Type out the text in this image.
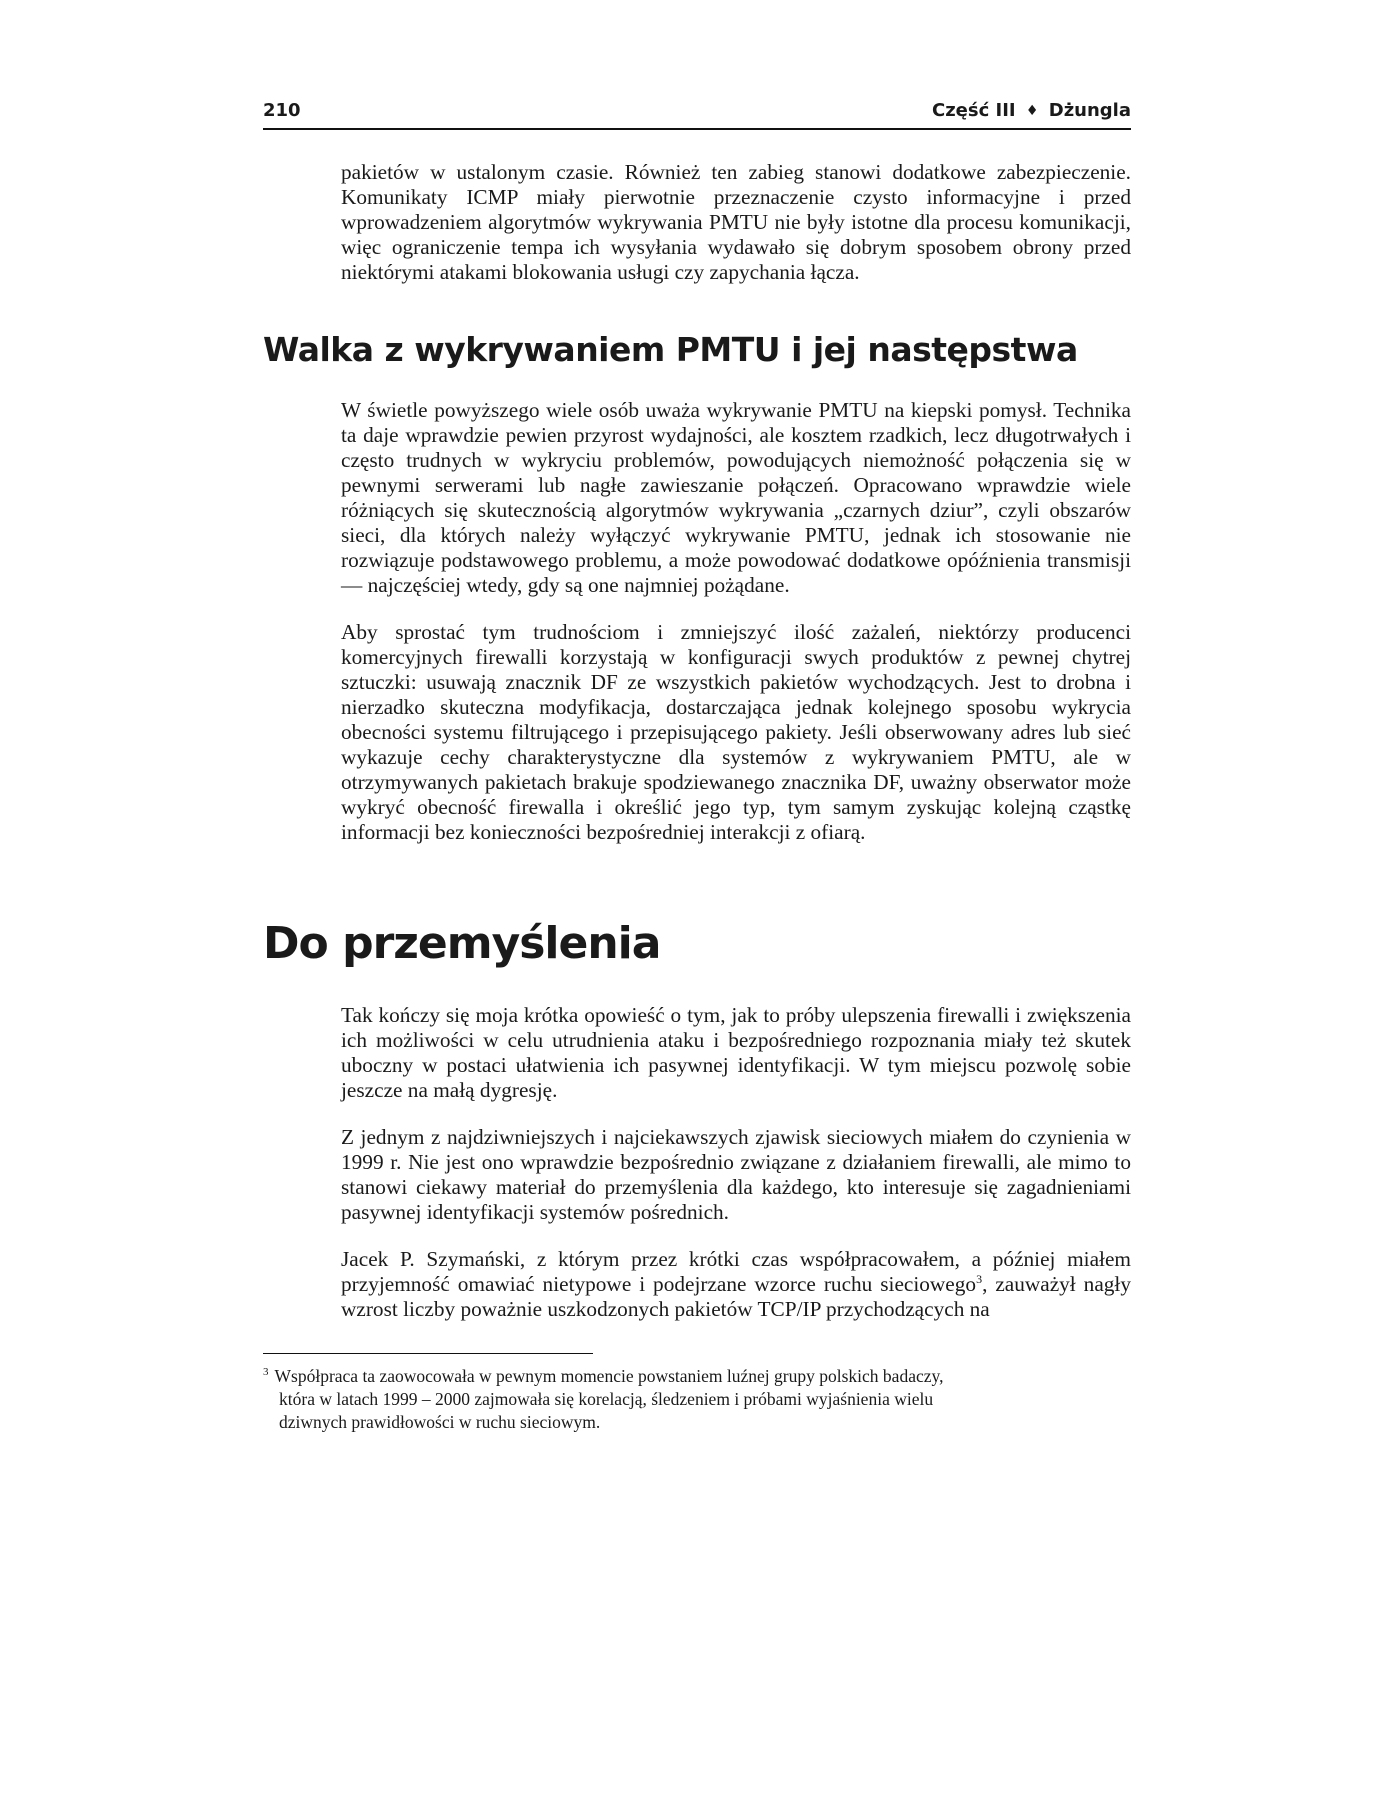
210	Część III ♦ Dżungla

pakietów w ustalonym czasie. Również ten zabieg stanowi dodatkowe zabezpieczenie. Komunikaty ICMP miały pierwotnie przeznaczenie czysto informacyjne i przed wprowadzeniem algorytmów wykrywania PMTU nie były istotne dla procesu komunikacji, więc ograniczenie tempa ich wysyłania wydawało się dobrym sposobem obrony przed niektórymi atakami blokowania usługi czy zapychania łącza.

Walka z wykrywaniem PMTU i jej następstwa

W świetle powyższego wiele osób uważa wykrywanie PMTU na kiepski pomysł. Technika ta daje wprawdzie pewien przyrost wydajności, ale kosztem rzadkich, lecz długotrwałych i często trudnych w wykryciu problemów, powodujących niemożność połączenia się w pewnymi serwerami lub nagłe zawieszanie połączeń. Opracowano wprawdzie wiele różniących się skutecznością algorytmów wykrywania „czarnych dziur”, czyli obszarów sieci, dla których należy wyłączyć wykrywanie PMTU, jednak ich stosowanie nie rozwiązuje podstawowego problemu, a może powodować dodatkowe opóźnienia transmisji — najczęściej wtedy, gdy są one najmniej pożądane.

Aby sprostać tym trudnościom i zmniejszyć ilość zażaleń, niektórzy producenci komercyjnych firewalli korzystają w konfiguracji swych produktów z pewnej chytrej sztuczki: usuwają znacznik DF ze wszystkich pakietów wychodzących. Jest to drobna i nierzadko skuteczna modyfikacja, dostarczająca jednak kolejnego sposobu wykrycia obecności systemu filtrującego i przepisującego pakiety. Jeśli obserwowany adres lub sieć wykazuje cechy charakterystyczne dla systemów z wykrywaniem PMTU, ale w otrzymywanych pakietach brakuje spodziewanego znacznika DF, uważny obserwator może wykryć obecność firewalla i określić jego typ, tym samym zyskując kolejną cząstkę informacji bez konieczności bezpośredniej interakcji z ofiarą.

Do przemyślenia

Tak kończy się moja krótka opowieść o tym, jak to próby ulepszenia firewalli i zwiększenia ich możliwości w celu utrudnienia ataku i bezpośredniego rozpoznania miały też skutek uboczny w postaci ułatwienia ich pasywnej identyfikacji. W tym miejscu pozwolę sobie jeszcze na małą dygresję.

Z jednym z najdziwniejszych i najciekawszych zjawisk sieciowych miałem do czynienia w 1999 r. Nie jest ono wprawdzie bezpośrednio związane z działaniem firewalli, ale mimo to stanowi ciekawy materiał do przemyślenia dla każdego, kto interesuje się zagadnieniami pasywnej identyfikacji systemów pośrednich.

Jacek P. Szymański, z którym przez krótki czas współpracowałem, a później miałem przyjemność omawiać nietypowe i podejrzane wzorce ruchu sieciowego$^3$, zauważył nagły wzrost liczby poważnie uszkodzonych pakietów TCP/IP przychodzących na

$^3$ Współpraca ta zaowocowała w pewnym momencie powstaniem luźnej grupy polskich badaczy,
która w latach 1999 – 2000 zajmowała się korelacją, śledzeniem i próbami wyjaśnienia wielu
dziwnych prawidłowości w ruchu sieciowym.
